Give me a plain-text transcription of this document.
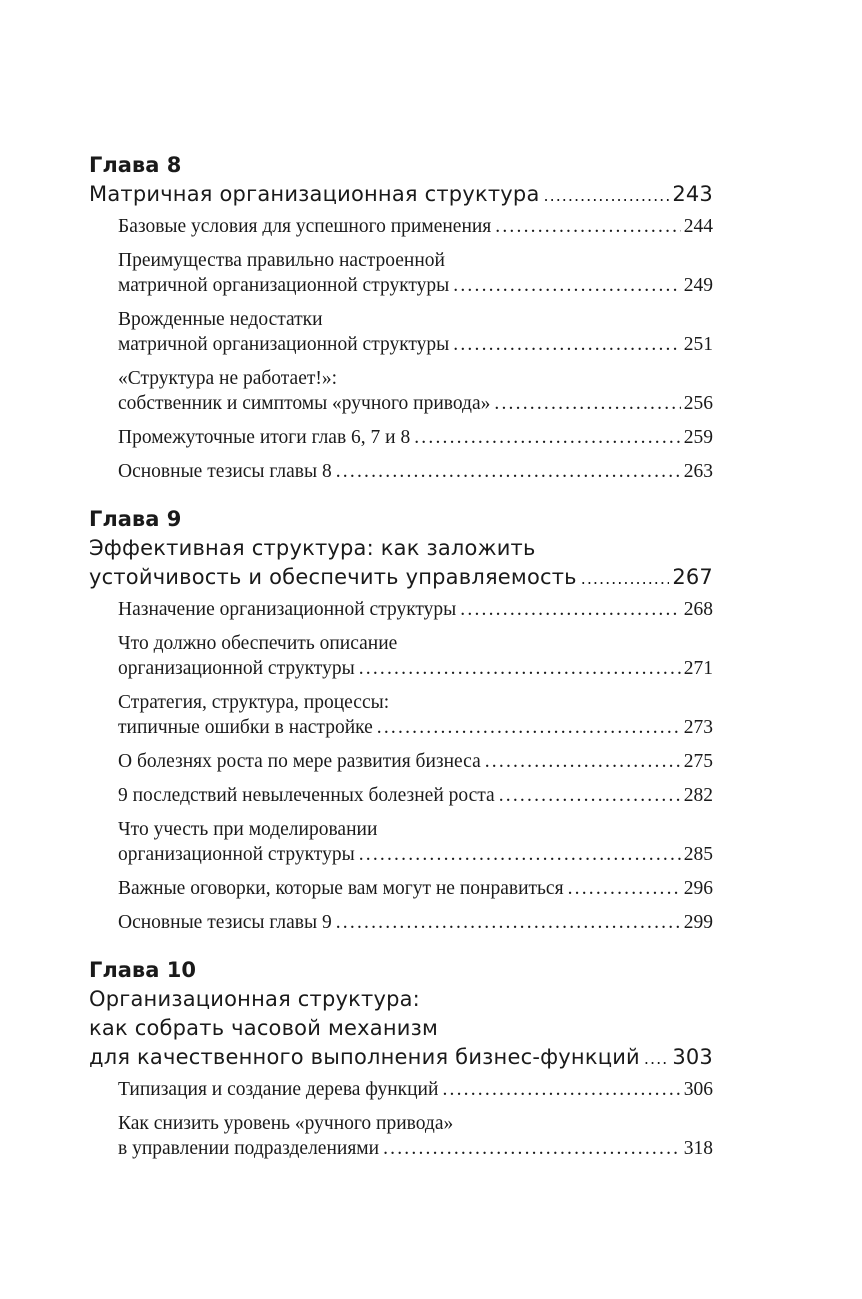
Глава 8
Матричная организационная структура .....	243
Базовые условия для успешного применения .....	244
Преимущества правильно настроенной
матричной организационной структуры .....	249
Врожденные недостатки
матричной организационной структуры .....	251
«Структура не работает!»:
собственник и симптомы «ручного привода» .....	256
Промежуточные итоги глав 6, 7 и 8 .....	259
Основные тезисы главы 8 .....	263
Глава 9
Эффективная структура: как заложить
устойчивость и обеспечить управляемость .....	267
Назначение организационной структуры .....	268
Что должно обеспечить описание
организационной структуры .....	271
Стратегия, структура, процессы:
типичные ошибки в настройке .....	273
О болезнях роста по мере развития бизнеса .....	275
9 последствий невылеченных болезней роста .....	282
Что учесть при моделировании
организационной структуры .....	285
Важные оговорки, которые вам могут не понравиться .....	296
Основные тезисы главы 9 .....	299
Глава 10
Организационная структура:
как собрать часовой механизм
для качественного выполнения бизнес-функций ..... 303
Типизация и создание дерева функций .....	306
Как снизить уровень «ручного привода»
в управлении подразделениями .....	318
